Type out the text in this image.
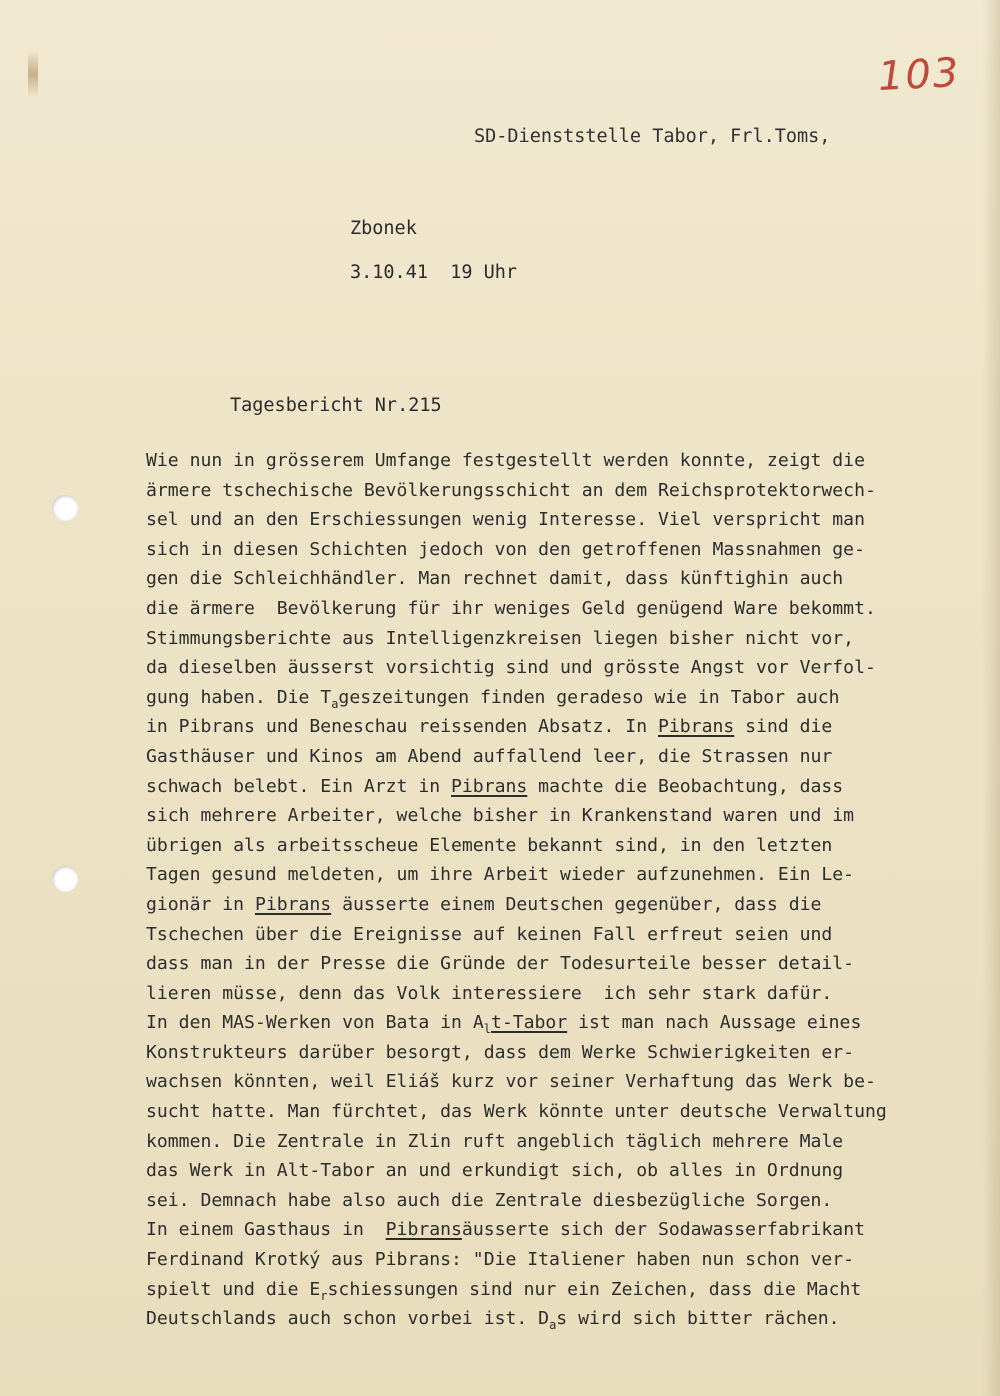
103
SD-Dienststelle Tabor, Frl.Toms,
Zbonek
3.10.41  19 Uhr
Tagesbericht Nr.215
Wie nun in grösserem Umfange festgestellt werden konnte, zeigt die
ärmere tschechische Bevölkerungsschicht an dem Reichsprotektorwech-
sel und an den Erschiessungen wenig Interesse. Viel verspricht man
sich in diesen Schichten jedoch von den getroffenen Massnahmen ge-
gen die Schleichhändler. Man rechnet damit, dass künftighin auch
die ärmere  Bevölkerung für ihr weniges Geld genügend Ware bekommt.
Stimmungsberichte aus Intelligenzkreisen liegen bisher nicht vor,
da dieselben äusserst vorsichtig sind und grösste Angst vor Verfol-
gung haben. Die $T_ageszeitungen$ finden geradeso wie in Tabor auch
in Pibrans und Beneschau reissenden Absatz. In Pibrans sind die
Gasthäuser und Kinos am Abend auffallend leer, die Strassen nur
schwach belebt. Ein Arzt in Pibrans machte die Beobachtung, dass
sich mehrere Arbeiter, welche bisher in Krankenstand waren und im
übrigen als arbeitsscheue Elemente bekannt sind, in den letzten
Tagen gesund meldeten, um ihre Arbeit wieder aufzunehmen. Ein Le-
gionär in Pibrans äusserte einem Deutschen gegenüber, dass die
Tschechen über die Ereignisse auf keinen Fall erfreut seien und
dass man in der Presse die Gründe der Todesurteile besser detail-
lieren müsse, denn das Volk interessiere  ich sehr stark dafür.
In den MAS-Werken von Bata in $A_lt$-Tabor ist man nach Aussage eines
Konstrukteurs darüber besorgt, dass dem Werke Schwierigkeiten er-
wachsen könnten, weil Eliáš kurz vor seiner Verhaftung das Werk be-
sucht hatte. Man fürchtet, das Werk könnte unter deutsche Verwaltung
kommen. Die Zentrale in Zlin ruft angeblich täglich mehrere Male
das Werk in Alt-Tabor an und erkundigt sich, ob alles in Ordnung
sei. Demnach habe also auch die Zentrale diesbezügliche Sorgen.
In einem Gasthaus in  Pibransäusserte sich der Sodawasserfabrikant
Ferdinand Krotký aus Pibrans: "Die Italiener haben nun schon ver-
spielt und die $E_rschiessungen$ sind nur ein Zeichen, dass die Macht
Deutschlands auch schon vorbei ist. $D_as$ wird sich bitter rächen.
